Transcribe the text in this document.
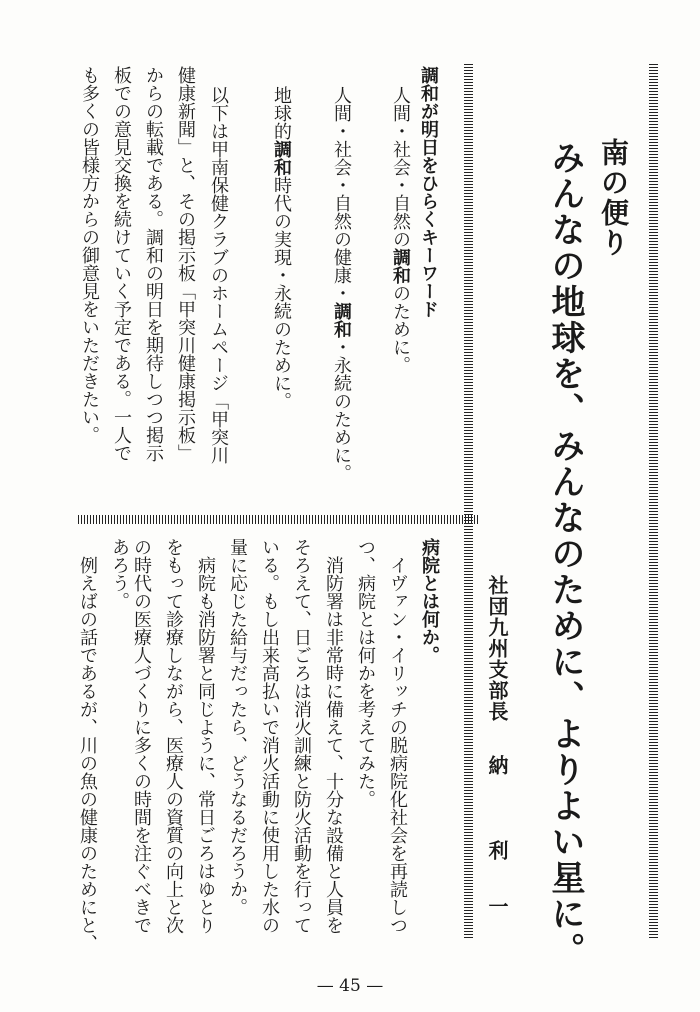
南の便り
みんなの地球を、みんなのために、よりよい星に。
社団九州支部長
納
利 一
調和が明日をひらくキーワード
人間・社会・自然の調和のために。
人間・社会・自然の健康・調和・永続のために。
地球的調和時代の実現・永続のために。
以下は甲南保健クラブのホームページ「甲突川
健康新聞」と、その掲示板「甲突川健康掲示板」
からの転載である。調和の明日を期待しつつ掲示
板での意見交換を続けていく予定である。一人で
も多くの皆様方からの御意見をいただきたい。
病院とは何か。
イヴァン・イリッチの脱病院化社会を再読しつ
つ、病院とは何かを考えてみた。
消防署は非常時に備えて、十分な設備と人員を
そろえて、日ごろは消火訓練と防火活動を行って
いる。もし出来高払いで消火活動に使用した水の
量に応じた給与だったら、どうなるだろうか。
病院も消防署と同じように、常日ごろはゆとり
をもって診療しながら、医療人の資質の向上と次
の時代の医療人づくりに多くの時間を注ぐべきで
あろう。
例えばの話であるが、川の魚の健康のためにと、
— 45 —
